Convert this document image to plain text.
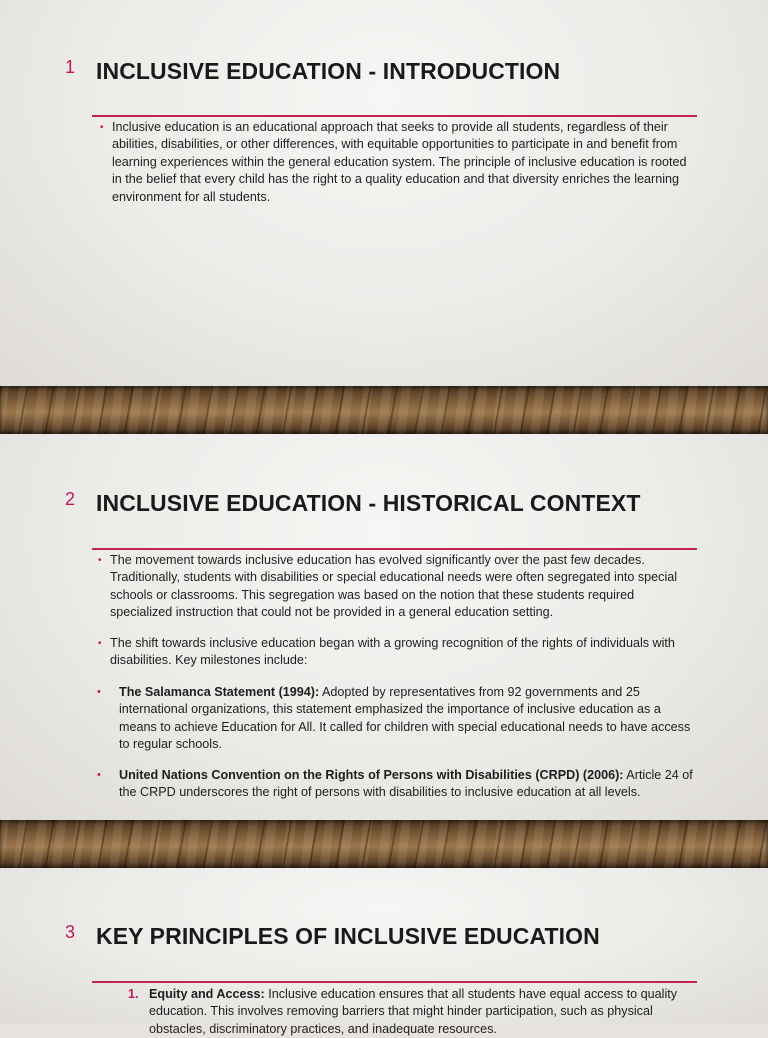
1 INCLUSIVE EDUCATION - INTRODUCTION
• Inclusive education is an educational approach that seeks to provide all students, regardless of their abilities, disabilities, or other differences, with equitable opportunities to participate in and benefit from learning experiences within the general education system. The principle of inclusive education is rooted in the belief that every child has the right to a quality education and that diversity enriches the learning environment for all students.
2 INCLUSIVE EDUCATION - HISTORICAL CONTEXT
• The movement towards inclusive education has evolved significantly over the past few decades. Traditionally, students with disabilities or special educational needs were often segregated into special schools or classrooms. This segregation was based on the notion that these students required specialized instruction that could not be provided in a general education setting.
• The shift towards inclusive education began with a growing recognition of the rights of individuals with disabilities. Key milestones include:
• The Salamanca Statement (1994): Adopted by representatives from 92 governments and 25 international organizations, this statement emphasized the importance of inclusive education as a means to achieve Education for All. It called for children with special educational needs to have access to regular schools.
• United Nations Convention on the Rights of Persons with Disabilities (CRPD) (2006): Article 24 of the CRPD underscores the right of persons with disabilities to inclusive education at all levels.
3 KEY PRINCIPLES OF INCLUSIVE EDUCATION
1. Equity and Access: Inclusive education ensures that all students have equal access to quality education. This involves removing barriers that might hinder participation, such as physical obstacles, discriminatory practices, and inadequate resources.
